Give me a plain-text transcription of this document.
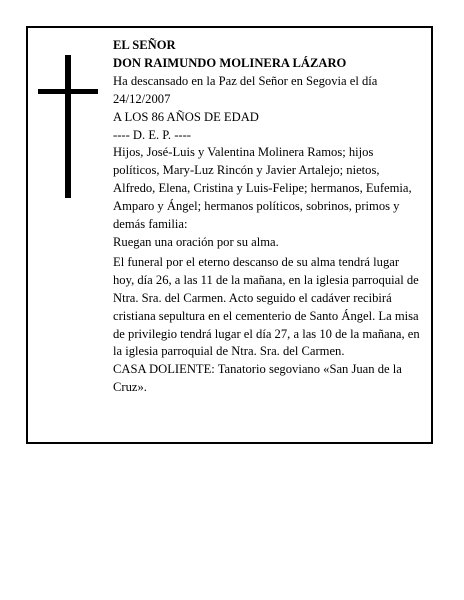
EL SEÑOR

DON RAIMUNDO MOLINERA LÁZARO

Ha descansado en la Paz del Señor en Segovia el día 24/12/2007

A LOS 86 AÑOS DE EDAD

---- D. E. P. ----

Hijos, José-Luis y Valentina Molinera Ramos; hijos políticos, Mary-Luz Rincón y Javier Artalejo; nietos, Alfredo, Elena, Cristina y Luis-Felipe; hermanos, Eufemia, Amparo y Ángel; hermanos políticos, sobrinos, primos y demás familia:

Ruegan una oración por su alma.

El funeral por el eterno descanso de su alma tendrá lugar hoy, día 26, a las 11 de la mañana, en la iglesia parroquial de Ntra. Sra. del Carmen. Acto seguido el cadáver recibirá cristiana sepultura en el cementerio de Santo Ángel. La misa de privilegio tendrá lugar el día 27, a las 10 de la mañana, en la iglesia parroquial de Ntra. Sra. del Carmen.

CASA DOLIENTE: Tanatorio segoviano «San Juan de la Cruz».
